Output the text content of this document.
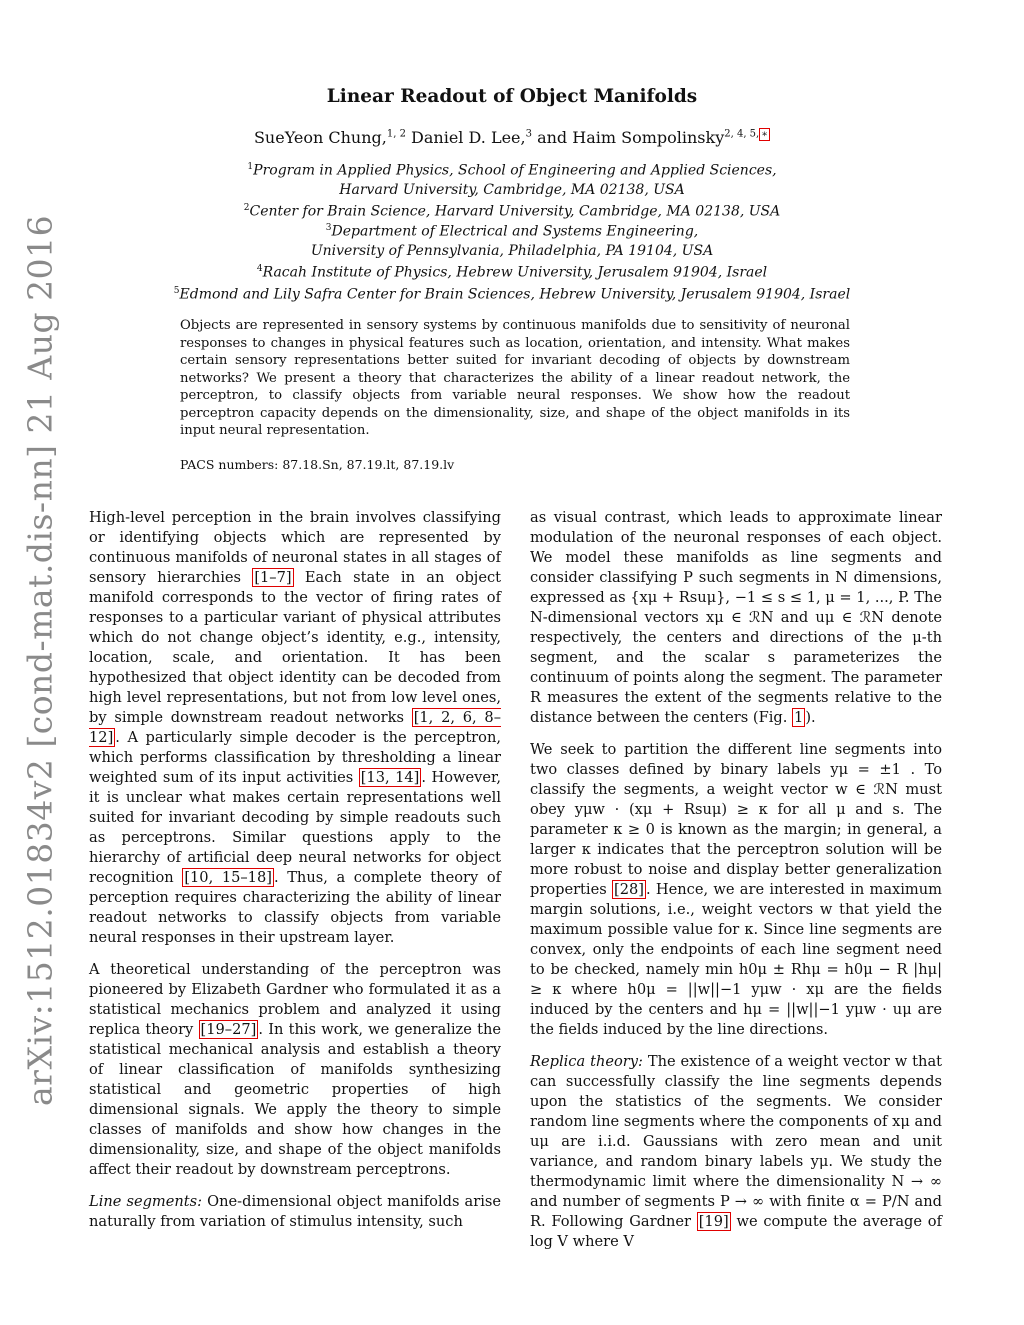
arXiv:1512.01834v2 [cond-mat.dis-nn] 21 Aug 2016
Linear Readout of Object Manifolds
SueYeon Chung,$^{1, 2}$ Daniel D. Lee,$^3$ and Haim Sompolinsky$^{2, 4, 5,}$ ∗
$^1$Program in Applied Physics, School of Engineering and Applied Sciences,
Harvard University, Cambridge, MA 02138, USA
$^2$Center for Brain Science, Harvard University, Cambridge, MA 02138, USA
$^3$Department of Electrical and Systems Engineering,
University of Pennsylvania, Philadelphia, PA 19104, USA
$^4$Racah Institute of Physics, Hebrew University, Jerusalem 91904, Israel
$^5$Edmond and Lily Safra Center for Brain Sciences, Hebrew University, Jerusalem 91904, Israel
Objects are represented in sensory systems by continuous manifolds due to sensitivity of neuronal responses to changes in physical features such as location, orientation, and intensity. What makes certain sensory representations better suited for invariant decoding of objects by downstream networks? We present a theory that characterizes the ability of a linear readout network, the perceptron, to classify objects from variable neural responses. We show how the readout perceptron capacity depends on the dimensionality, size, and shape of the object manifolds in its input neural representation.
PACS numbers: 87.18.Sn, 87.19.lt, 87.19.lv

High-level perception in the brain involves classifying or identifying objects which are represented by continuous manifolds of neuronal states in all stages of sensory hierarchies [1–7] Each state in an object manifold corresponds to the vector of firing rates of responses to a particular variant of physical attributes which do not change object’s identity, e.g., intensity, location, scale, and orientation. It has been hypothesized that object identity can be decoded from high level representations, but not from low level ones, by simple downstream readout networks [1, 2, 6, 8–12] . A particularly simple decoder is the perceptron, which performs classification by thresholding a linear weighted sum of its input activities [13, 14] . However, it is unclear what makes certain representations well suited for invariant decoding by simple readouts such as perceptrons. Similar questions apply to the hierarchy of artificial deep neural networks for object recognition [10, 15–18] . Thus, a complete theory of perception requires characterizing the ability of linear readout networks to classify objects from variable neural responses in their upstream layer.

A theoretical understanding of the perceptron was pioneered by Elizabeth Gardner who formulated it as a statistical mechanics problem and analyzed it using replica theory [19–27] . In this work, we generalize the statistical mechanical analysis and establish a theory of linear classification of manifolds synthesizing statistical and geometric properties of high dimensional signals. We apply the theory to simple classes of manifolds and show how changes in the dimensionality, size, and shape of the object manifolds affect their readout by downstream perceptrons.

Line segments: One-dimensional object manifolds arise naturally from variation of stimulus intensity, such

as visual contrast, which leads to approximate linear modulation of the neuronal responses of each object. We model these manifolds as line segments and consider classifying P such segments in N dimensions, expressed as {xμ + Rsuμ}, −1 ≤ s ≤ 1, μ = 1, ..., P. The N-dimensional vectors xμ ∈ ℛN and uμ ∈ ℛN denote respectively, the centers and directions of the μ-th segment, and the scalar s parameterizes the continuum of points along the segment. The parameter R measures the extent of the segments relative to the distance between the centers (Fig. 1 ).

We seek to partition the different line segments into two classes defined by binary labels yμ = ±1 . To classify the segments, a weight vector w ∈ ℛN must obey yμw · (xμ + Rsuμ) ≥ κ for all μ and s. The parameter κ ≥ 0 is known as the margin; in general, a larger κ indicates that the perceptron solution will be more robust to noise and display better generalization properties [28] . Hence, we are interested in maximum margin solutions, i.e., weight vectors w that yield the maximum possible value for κ. Since line segments are convex, only the endpoints of each line segment need to be checked, namely min h0μ ± Rhμ = h0μ − R |hμ| ≥ κ where h0μ = ||w||−1 yμw · xμ are the fields induced by the centers and hμ = ||w||−1 yμw · uμ are the fields induced by the line directions.

Replica theory: The existence of a weight vector w that can successfully classify the line segments depends upon the statistics of the segments. We consider random line segments where the components of xμ and uμ are i.i.d. Gaussians with zero mean and unit variance, and random binary labels yμ. We study the thermodynamic limit where the dimensionality N → ∞ and number of segments P → ∞ with finite α = P/N and R. Following Gardner [19] we compute the average of log V where V
